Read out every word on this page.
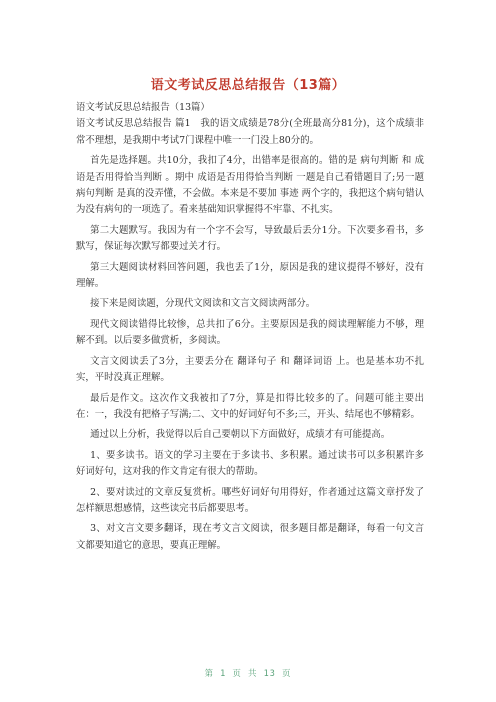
语文考试反思总结报告（13篇）

语文考试反思总结报告（13篇）

语文考试反思总结报告 篇1　我的语文成绩是78分(全班最高分81分)，这个成绩非常不理想，是我期中考试7门课程中唯一一门没上80分的。

首先是选择题。共10分，我扣了4分，出错率是很高的。错的是 病句判断 和 成语是否用得恰当判断 。期中 成语是否用得恰当判断 一题是自己看错题目了;另一题 病句判断 是真的没弄懂，不会做。本来是不要加 事迹 两个字的，我把这个病句错认为没有病句的一项选了。看来基础知识掌握得不牢靠、不扎实。

第二大题默写。我因为有一个字不会写，导致最后丢分1分。下次要多看书，多默写，保证每次默写都要过关才行。

第三大题阅读材料回答问题，我也丢了1分，原因是我的建议提得不够好，没有理解。

接下来是阅读题，分现代文阅读和文言文阅读两部分。

现代文阅读错得比较惨，总共扣了6分。主要原因是我的阅读理解能力不够，理解不到。以后要多做赏析，多阅读。

文言文阅读丢了3分，主要丢分在 翻译句子 和 翻译词语 上。也是基本功不扎实，平时没真正理解。

最后是作文。这次作文我被扣了7分，算是扣得比较多的了。问题可能主要出在：一，我没有把格子写满;二、文中的好词好句不多;三，开头、结尾也不够精彩。

通过以上分析，我觉得以后自己要朝以下方面做好，成绩才有可能提高。

1、要多读书。语文的学习主要在于多读书、多积累。通过读书可以多积累许多好词好句，这对我的作文肯定有很大的帮助。

2、要对读过的文章反复赏析。哪些好词好句用得好，作者通过这篇文章抒发了怎样额思想感情，这些读完书后都要思考。

3、对文言文要多翻译，现在考文言文阅读，很多题目都是翻译，每看一句文言文都要知道它的意思，要真正理解。

第 1 页 共 13 页
